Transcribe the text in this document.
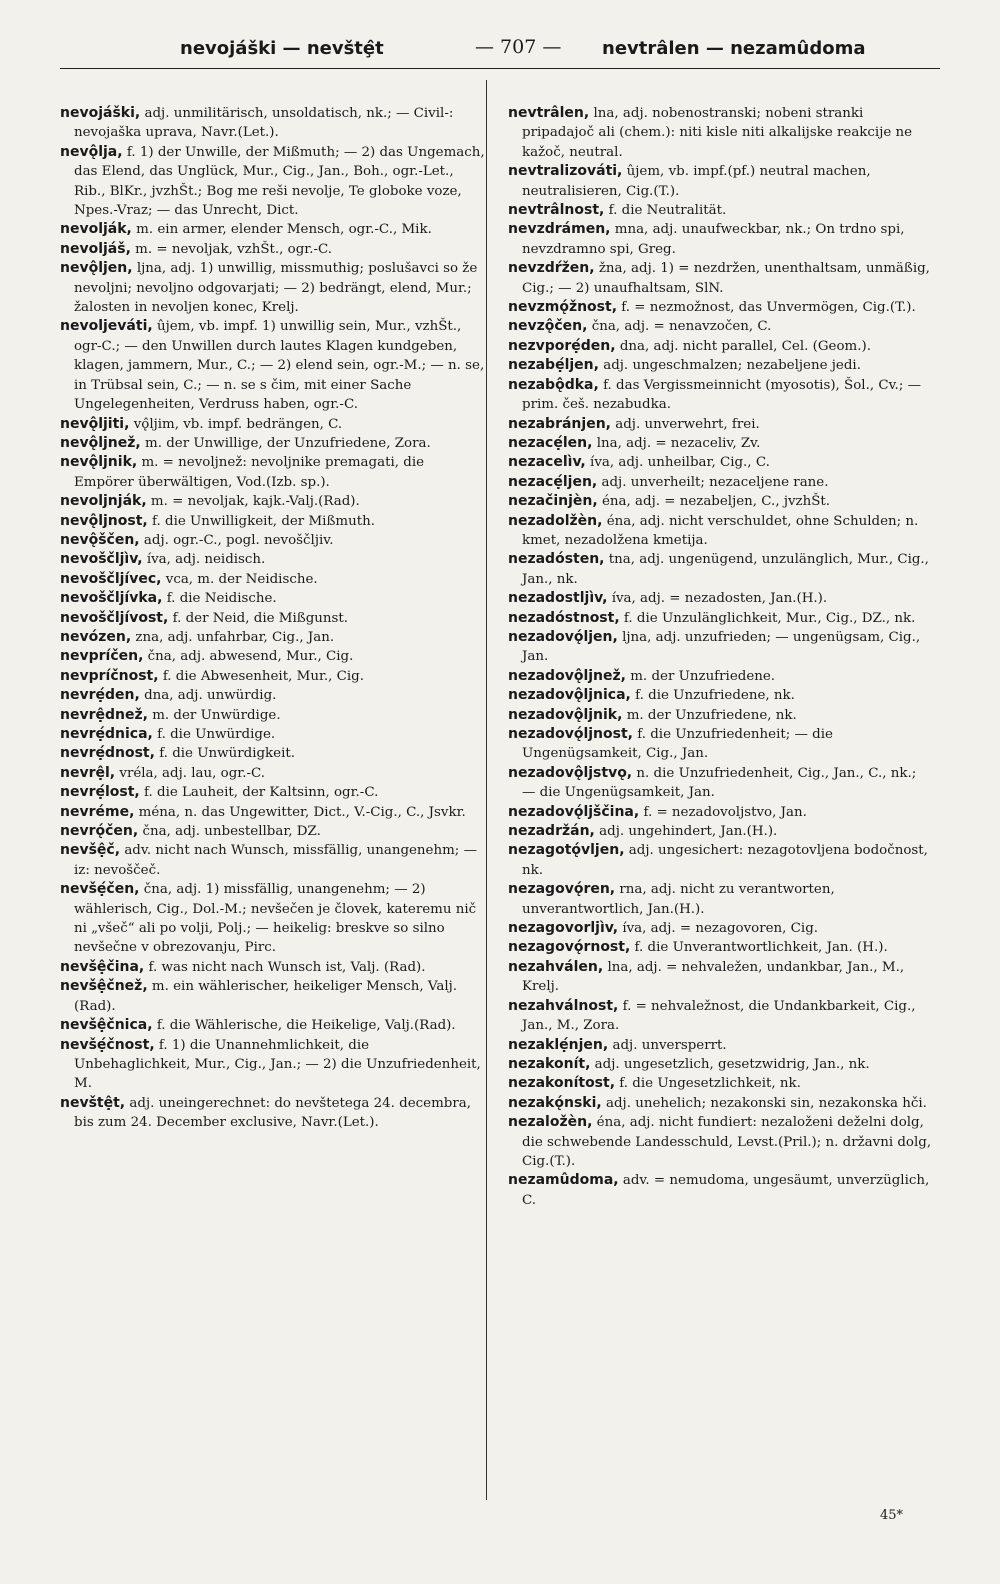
nevojáški — nevštȩ̂t	— 707 — nevtrâlen — nezamûdoma

nevojáški, adj. unmilitärisch, unsoldatisch, nk.; — Civil-: nevojaška uprava, Navr.(Let.).

nevǫ̂lja, f. 1) der Unwille, der Mißmuth; — 2) das Ungemach, das Elend, das Unglück, Mur., Cig., Jan., Boh., ogr.-Let., Rib., BlKr., jvzhŠt.; Bog me reši nevolje, Te globoke voze, Npes.-Vraz; — das Unrecht, Dict.

nevolják, m. ein armer, elender Mensch, ogr.-C., Mik.

nevoljáš, m. = nevoljak, vzhŠt., ogr.-C.

nevǫ̂ljen, ljna, adj. 1) unwillig, missmuthig; poslušavci so že nevoljni; nevoljno odgovarjati; — 2) bedrängt, elend, Mur.; žalosten in nevoljen konec, Krelj.

nevoljeváti, ûjem, vb. impf. 1) unwillig sein, Mur., vzhŠt., ogr-C.; — den Unwillen durch lautes Klagen kundgeben, klagen, jammern, Mur., C.; — 2) elend sein, ogr.-M.; — n. se, in Trübsal sein, C.; — n. se s čim, mit einer Sache Ungelegenheiten, Verdruss haben, ogr.-C.

nevǫ̂ljiti, vǫ̂ljim, vb. impf. bedrängen, C.

nevǫ̂ljnež, m. der Unwillige, der Unzufriedene, Zora.

nevǫ̂ljnik, m. = nevoljnež: nevoljnike premagati, die Empörer überwältigen, Vod.(Izb. sp.).

nevoljnják, m. = nevoljak, kajk.-Valj.(Rad).

nevǫ̂ljnost, f. die Unwilligkeit, der Mißmuth.

nevǫ̂ščen, adj. ogr.-C., pogl. nevoščljiv.

nevoščljìv, íva, adj. neidisch.

nevoščljívec, vca, m. der Neidische.

nevoščljívka, f. die Neidische.

nevoščljívost, f. der Neid, die Mißgunst.

nevózen, zna, adj. unfahrbar, Cig., Jan.

nevpríčen, čna, adj. abwesend, Mur., Cig.

nevpríčnost, f. die Abwesenheit, Mur., Cig.

nevrẹ́den, dna, adj. unwürdig.

nevrệdnež, m. der Unwürdige.

nevrẹ́dnica, f. die Unwürdige.

nevrẹ́dnost, f. die Unwürdigkeit.

nevrệl, vréla, adj. lau, ogr.-C.

nevrẹ́lost, f. die Lauheit, der Kaltsinn, ogr.-C.

nevréme, ména, n. das Ungewitter, Dict., V.-Cig., C., Jsvkr.

nevrǫ́čen, čna, adj. unbestellbar, DZ.

nevšệč, adv. nicht nach Wunsch, missfällig, unangenehm; — iz: nevoščeč.

nevšẹ́čen, čna, adj. 1) missfällig, unangenehm; — 2) wählerisch, Cig., Dol.-M.; nevšečen je človek, kateremu nič ni „všeč“ ali po volji, Polj.; — heikelig: breskve so silno nevšečne v obrezovanju, Pirc.

nevšệčina, f. was nicht nach Wunsch ist, Valj. (Rad).

nevšệčnež, m. ein wählerischer, heikeliger Mensch, Valj.(Rad).

nevšệčnica, f. die Wählerische, die Heikelige, Valj.(Rad).

nevšẹ́čnost, f. 1) die Unannehmlichkeit, die Unbehaglichkeit, Mur., Cig., Jan.; — 2) die Unzufriedenheit, M.

nevštệt, adj. uneingerechnet: do nevštetega 24. decembra, bis zum 24. December exclusive, Navr.(Let.).

nevtrâlen, lna, adj. nobenostranski; nobeni stranki pripadajoč ali (chem.): niti kisle niti alkalijske reakcije ne kažoč, neutral.

nevtralizováti, ûjem, vb. impf.(pf.) neutral machen, neutralisieren, Cig.(T.).

nevtrâlnost, f. die Neutralität.

nevzdrámen, mna, adj. unaufweckbar, nk.; On trdno spi, nevzdramno spi, Greg.

nevzdŕžen, žna, adj. 1) = nezdržen, unenthaltsam, unmäßig, Cig.; — 2) unaufhaltsam, SlN.

nevzmǫ́žnost, f. = nezmožnost, das Unvermögen, Cig.(T.).

nevzǫ̂čen, čna, adj. = nenavzočen, C.

nezvporẹ́den, dna, adj. nicht parallel, Cel. (Geom.).

nezabẹ́ljen, adj. ungeschmalzen; nezabeljene jedi.

nezabǫ̂dka, f. das Vergissmeinnicht (myosotis), Šol., Cv.; — prim. češ. nezabudka.

nezabránjen, adj. unverwehrt, frei.

nezacẹ́len, lna, adj. = nezaceliv, Zv.

nezacelìv, íva, adj. unheilbar, Cig., C.

nezacẹ́ljen, adj. unverheilt; nezaceljene rane.

nezačinjèn, éna, adj. = nezabeljen, C., jvzhŠt.

nezadolžèn, éna, adj. nicht verschuldet, ohne Schulden; n. kmet, nezadolžena kmetija.

nezadósten, tna, adj. ungenügend, unzulänglich, Mur., Cig., Jan., nk.

nezadostljìv, íva, adj. = nezadosten, Jan.(H.).

nezadóstnost, f. die Unzulänglichkeit, Mur., Cig., DZ., nk.

nezadovǫ́ljen, ljna, adj. unzufrieden; — ungenügsam, Cig., Jan.

nezadovǫ̂ljnež, m. der Unzufriedene.

nezadovǫ̂ljnica, f. die Unzufriedene, nk.

nezadovǫ̂ljnik, m. der Unzufriedene, nk.

nezadovǫ́ljnost, f. die Unzufriedenheit; — die Ungenügsamkeit, Cig., Jan.

nezadovǫ̂ljstvǫ, n. die Unzufriedenheit, Cig., Jan., C., nk.; — die Ungenügsamkeit, Jan.

nezadovǫ́ljščina, f. = nezadovoljstvo, Jan.

nezadržán, adj. ungehindert, Jan.(H.).

nezagotǫ́vljen, adj. ungesichert: nezagotovljena bodočnost, nk.

nezagovǫ́ren, rna, adj. nicht zu verantworten, unverantwortlich, Jan.(H.).

nezagovorljìv, íva, adj. = nezagovoren, Cig.

nezagovǫ́rnost, f. die Unverantwortlichkeit, Jan. (H.).

nezahválen, lna, adj. = nehvaležen, undankbar, Jan., M., Krelj.

nezahválnost, f. = nehvaležnost, die Undankbarkeit, Cig., Jan., M., Zora.

nezaklẹ́njen, adj. unversperrt.

nezakonít, adj. ungesetzlich, gesetzwidrig, Jan., nk.

nezakonítost, f. die Ungesetzlichkeit, nk.

nezakǫ́nski, adj. unehelich; nezakonski sin, nezakonska hči.

nezaložèn, éna, adj. nicht fundiert: nezaloženi deželni dolg, die schwebende Landesschuld, Levst.(Pril.); n. državni dolg, Cig.(T.).

nezamûdoma, adv. = nemudoma, ungesäumt, unverzüglich, C.

45*
